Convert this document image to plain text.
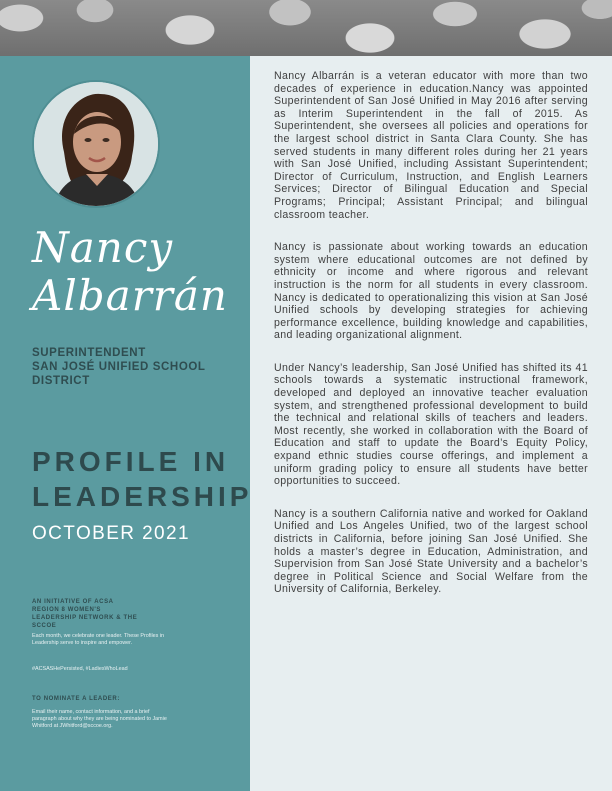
Nancy
Albarrán
SUPERINTENDENT
SAN JOSÉ UNIFIED SCHOOL
DISTRICT
PROFILE IN
LEADERSHIP
OCTOBER 2021
AN INITIATIVE OF ACSA
REGION 8 WOMEN'S
LEADERSHIP NETWORK & THE
SCCOE
Each month, we celebrate one leader. These Profiles in Leadership serve to inspire and empower.
#ACSASHePersisted, #LadiesWhoLead
TO NOMINATE A LEADER:
Email their name, contact information, and a brief paragraph about why they are being nominated to Jamie Whitford at JWhitford@sccoe.org.

Nancy Albarrán is a veteran educator with more than two decades of experience in education.Nancy was appointed Superintendent of San José Unified in May 2016 after serving as Interim Superintendent in the fall of 2015. As Superintendent, she oversees all policies and operations for the largest school district in Santa Clara County. She has served students in many different roles during her 21 years with San José Unified, including Assistant Superintendent; Director of Curriculum, Instruction, and English Learners Services; Director of Bilingual Education and Special Programs; Principal; Assistant Principal; and bilingual classroom teacher.

Nancy is passionate about working towards an education system where educational outcomes are not defined by ethnicity or income and where rigorous and relevant instruction is the norm for all students in every classroom. Nancy is dedicated to operationalizing this vision at San José Unified schools by developing strategies for achieving performance excellence, building knowledge and capabilities, and leading organizational alignment.

Under Nancy’s leadership, San José Unified has shifted its 41 schools towards a systematic instructional framework, developed and deployed an innovative teacher evaluation system, and strengthened professional development to build the technical and relational skills of teachers and leaders. Most recently, she worked in collaboration with the Board of Education and staff to update the Board’s Equity Policy, expand ethnic studies course offerings, and implement a uniform grading policy to ensure all students have better opportunities to succeed.

Nancy is a southern California native and worked for Oakland Unified and Los Angeles Unified, two of the largest school districts in California, before joining San José Unified. She holds a master’s degree in Education, Administration, and Supervision from San José State University and a bachelor’s degree in Political Science and Social Welfare from the University of California, Berkeley.
